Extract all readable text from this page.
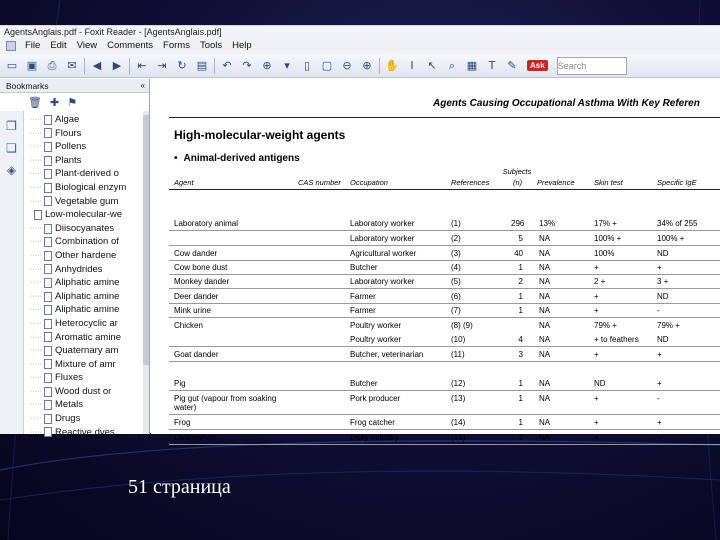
AgentsAnglais.pdf - Foxit Reader - [AgentsAnglais.pdf]
File	Edit	View	Comments	Forms	Tools	Help
▭ ▣ ⎙ ✉	◀	▶	⇤ ⇥ ↻ ▤	↶ ↷ ⊕	▾	▯	▢ ⊖ ⊕	✋	I	↖	⌕	▦	T	✎	Ask	Search
Bookmarks	«
🗑 ✚ ⚑
❐
❏
◈
····· Algae
····· Flours
····· Pollens
····· Plants
····· Plant-derived o
····· Biological enzym
····· Vegetable gum
Low-molecular-we
····· Diisocyanates
····· Combination of
····· Other hardene
····· Anhydrides
····· Aliphatic amine
····· Aliphatic amine
····· Aliphatic amine
····· Heterocyclic ar
····· Aromatic amine
····· Quaternary am
····· Mixture of amr
····· Fluxes
····· Wood dust or
····· Metals
····· Drugs
····· Reactive dyes
Agents Causing Occupational Asthma With Key Referen
High-molecular-weight agents
• Animal-derived antigens
Subjects
Agent	CAS number Occupation	References	(n) Prevalence	Skin test	Specific IgE
Laboratory animal	Laboratory worker	(1)	296 13%	17% +	34% of 255
Laboratory worker	(2)	5 NA	100% +	100% +
Cow dander	Agricultural worker	(3)	40 NA	100%	ND
Cow bone dust	Butcher	(4)	1 NA	+	+
Monkey dander	Laboratory worker	(5)	2 NA	2 +	3 +
Deer dander	Farmer	(6)	1 NA	+	ND
Mink urine	Farmer	(7)	1 NA	+	-
Chicken	Poultry worker	(8) (9)	NA	79% +	79% +
Poultry worker	(10)	4 NA	+ to feathers ND
Goat dander	Butcher, veterinarian	(11)	3 NA	+	+
Pig	Butcher	(12)	1 NA	ND	+
Pig gut (vapour from soaking	Pork producer	(13)	1 NA	+	-
water)
Frog	Frog catcher	(14)	1 NA	+	+
Lactoserum	Dairy industry	(15)	1 NA	+	+
51 страница
